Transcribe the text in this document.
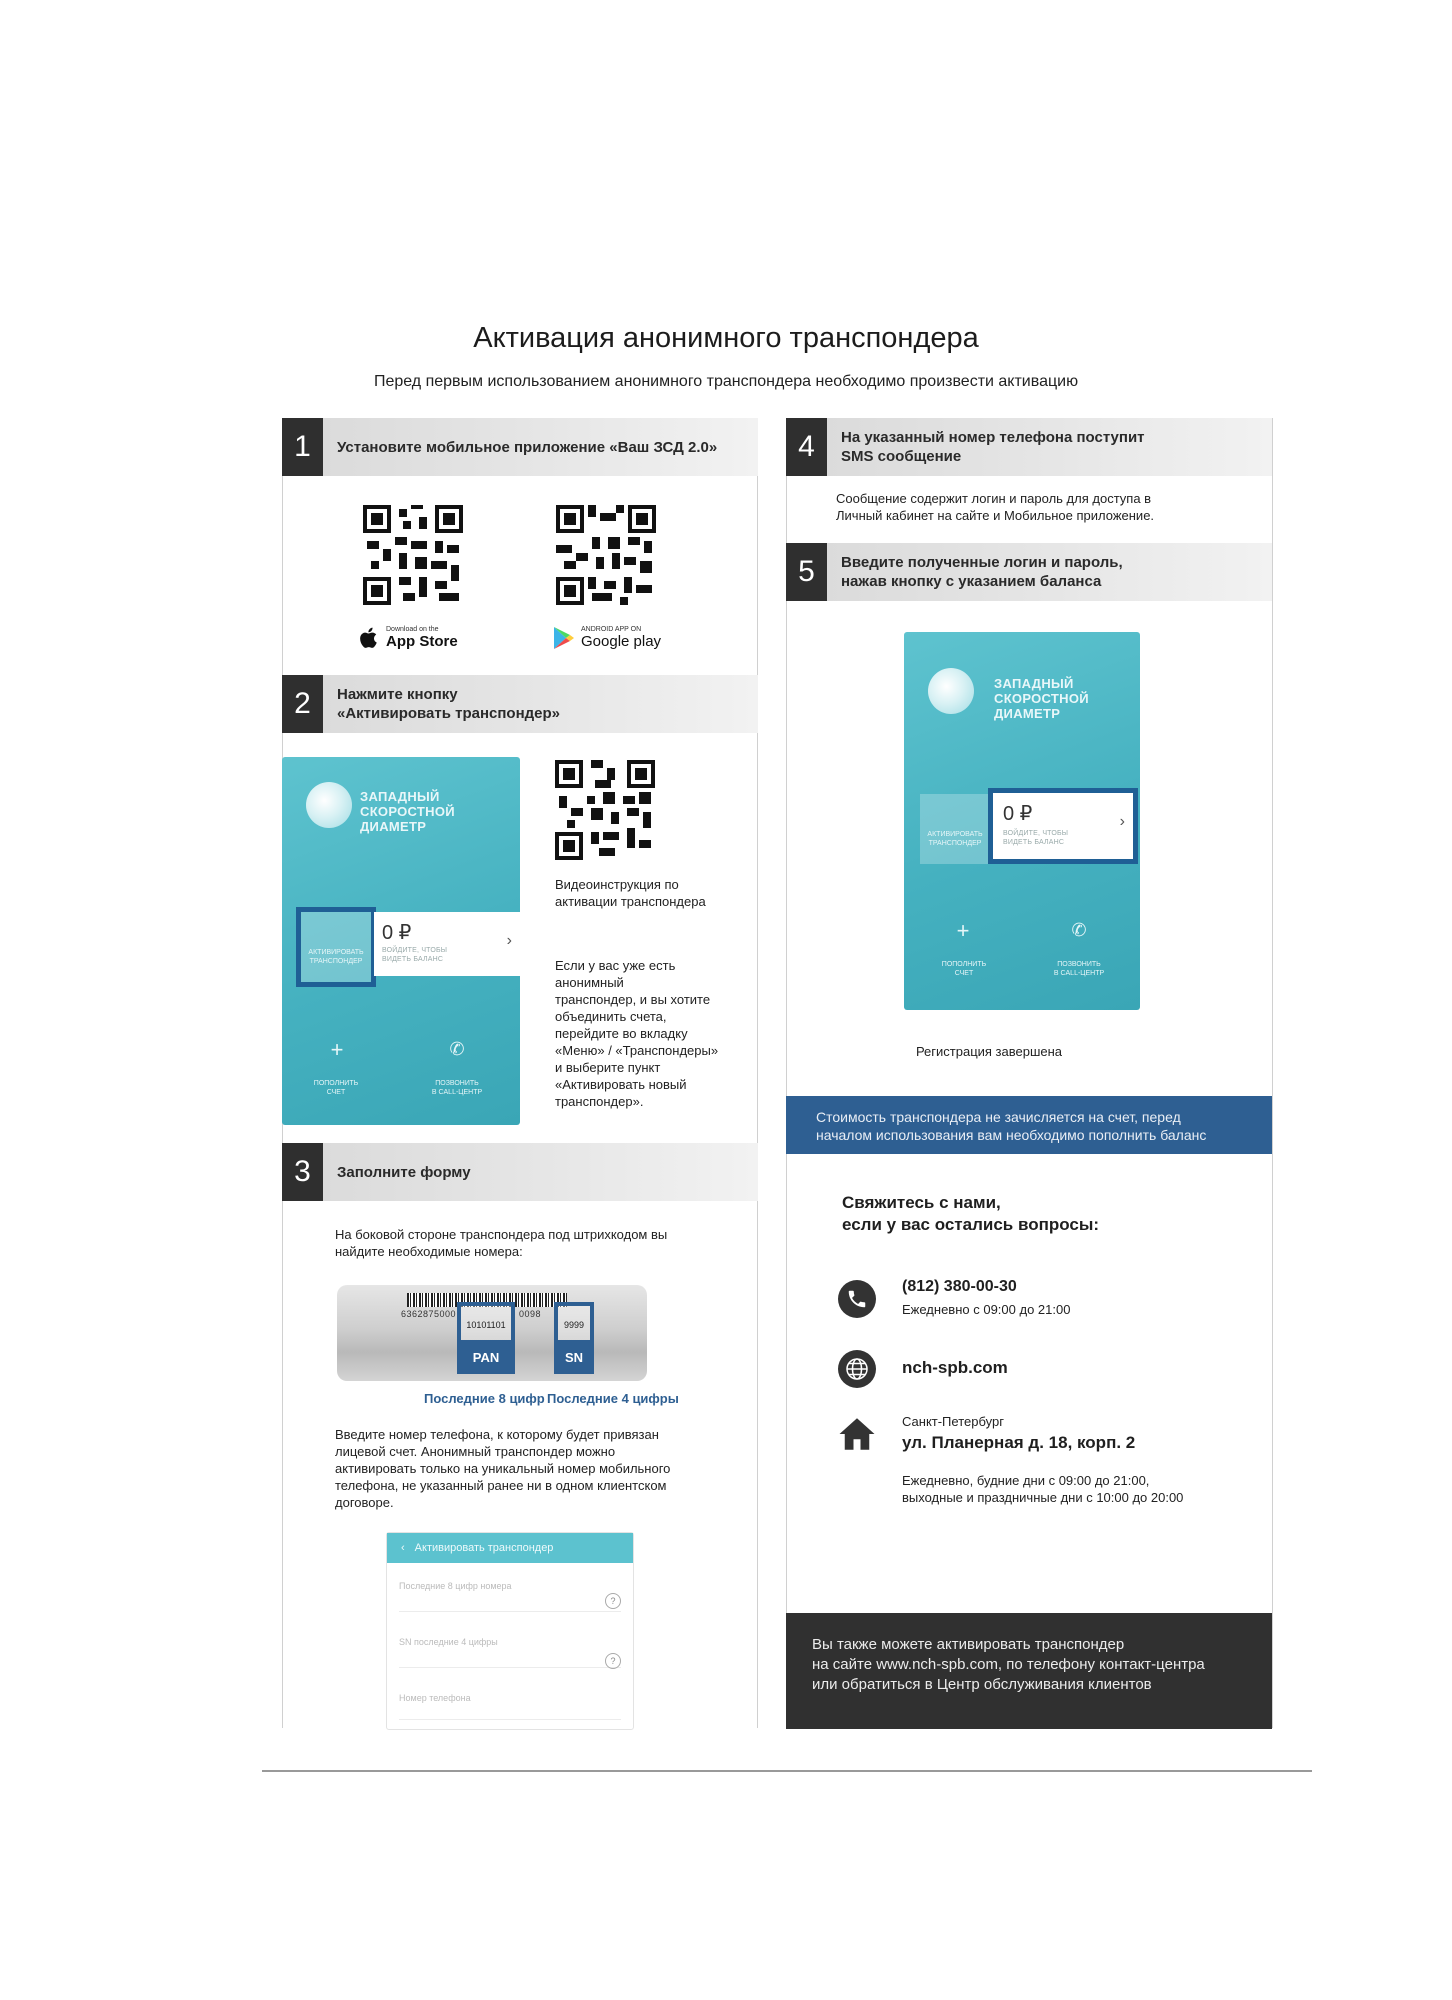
Активация анонимного транспондера
Перед первым использованием анонимного транспондера необходимо произвести активацию
1	Установите мобильное приложение «Ваш ЗСД 2.0»
Download on the
App Store
ANDROID APP ON
Google play
2	Нажмите кнопку
«Активировать транспондер»
ЗАПАДНЫЙ
СКОРОСТНОЙ
ДИАМЕТР
АКТИВИРОВАТЬ
ТРАНСПОНДЕР
0 ₽
ВОЙДИТЕ, ЧТОБЫ
ВИДЕТЬ БАЛАНС
›
+
ПОПОЛНИТЬ
СЧЕТ
✆
ПОЗВОНИТЬ
В CALL-ЦЕНТР
Видеоинструкция по
активации транспондера
Если у вас уже есть
анонимный
транспондер, и вы хотите
объединить счета,
перейдите во вкладку
«Меню» / «Транспондеры»
и выберите пункт
«Активировать новый
транспондер».
3	Заполните форму
На боковой стороне транспондера под штрихкодом вы
найдите необходимые номера:
6362875000	0098
10101101
PAN
9999
SN
Последние 8 цифр Последние 4 цифры
Введите номер телефона, к которому будет привязан
лицевой счет. Анонимный транспондер можно
активировать только на уникальный номер мобильного
телефона, не указанный ранее ни в одном клиентском
договоре.
‹ Активировать транспондер
Последние 8 цифр номера
?
SN последние 4 цифры
?
Номер телефона
4	На указанный номер телефона поступит
SMS сообщение
Сообщение содержит логин и пароль для доступа в
Личный кабинет на сайте и Мобильное приложение.
5	Введите полученные логин и пароль,
нажав кнопку с указанием баланса
ЗАПАДНЫЙ
СКОРОСТНОЙ
ДИАМЕТР
АКТИВИРОВАТЬ
ТРАНСПОНДЕР
0 ₽
ВОЙДИТЕ, ЧТОБЫ
ВИДЕТЬ БАЛАНС
›
+
ПОПОЛНИТЬ
СЧЕТ
✆
ПОЗВОНИТЬ
В CALL-ЦЕНТР
Регистрация завершена
Стоимость транспондера не зачисляется на счет, перед
началом использования вам необходимо пополнить баланс
Свяжитесь с нами,
если у вас остались вопросы:
(812) 380-00-30
Ежедневно с 09:00 до 21:00
nch-spb.com
Санкт-Петербург
ул. Планерная д. 18, корп. 2
Ежедневно, будние дни с 09:00 до 21:00,
выходные и праздничные дни с 10:00 до 20:00
Вы также можете активировать транспондер
на сайте www.nch-spb.com, по телефону контакт-центра
или обратиться в Центр обслуживания клиентов
